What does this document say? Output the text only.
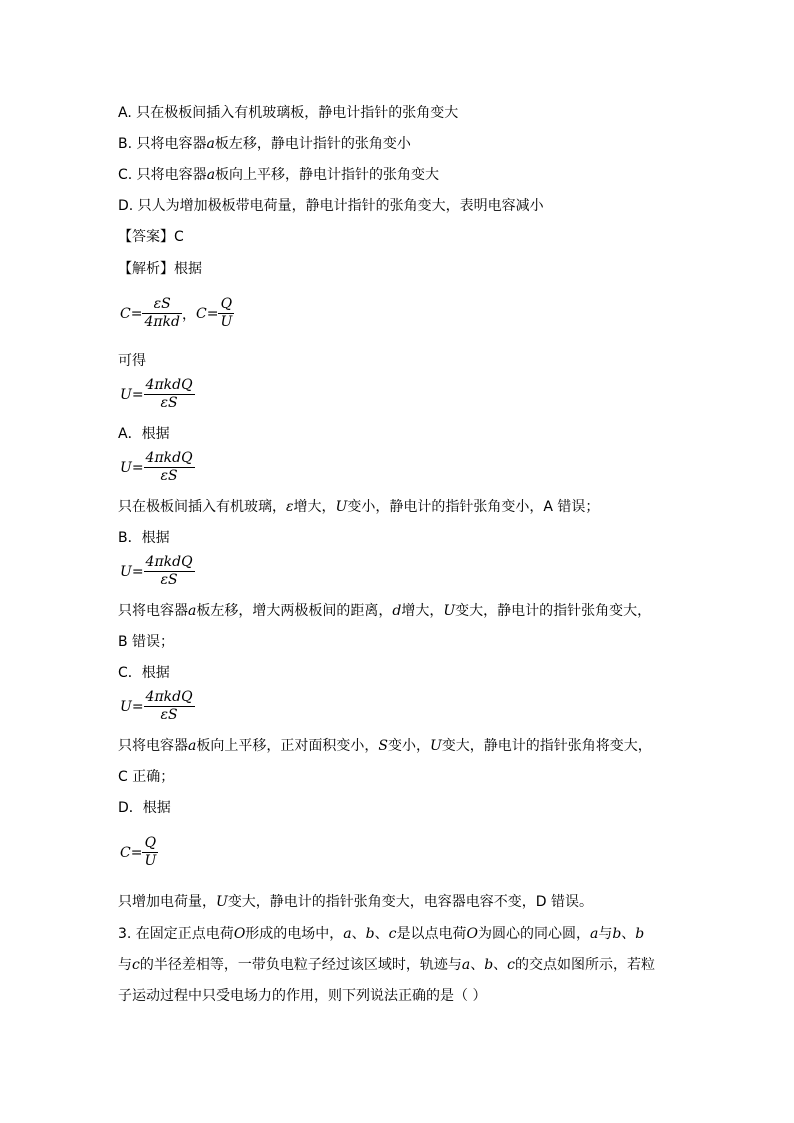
A. 只在极板间插入有机玻璃板，静电计指针的张角变大
B. 只将电容器a板左移，静电计指针的张角变小
C. 只将电容器a板向上平移，静电计指针的张角变大
D. 只人为增加极板带电荷量，静电计指针的张角变大，表明电容减小
【答案】C
【解析】根据
$C= \frac{\varepsilon S}{\text{4πkd}}$ ，$C= \frac{Q}{U}$
可得
$U= \frac{\text{4πkdQ}}{\varepsilon S}$
A．根据
$U= \frac{\text{4πkdQ}}{\varepsilon S}$
只在极板间插入有机玻璃，ε增大，U变小，静电计的指针张角变小，A 错误；
B．根据
$U= \frac{\text{4πkdQ}}{\varepsilon S}$
只将电容器a板左移，增大两极板间的距离，d增大，U变大，静电计的指针张角变大，
B 错误；
C．根据
$U= \frac{\text{4πkdQ}}{\varepsilon S}$
只将电容器a板向上平移，正对面积变小，S变小，U变大，静电计的指针张角将变大，
C 正确；
D．根据
$C= \frac{Q}{U}$
只增加电荷量，U变大，静电计的指针张角变大，电容器电容不变，D 错误。
3. 在固定正点电荷O形成的电场中，a、b、c是以点电荷O为圆心的同心圆，a与b、b
与c的半径差相等，一带负电粒子经过该区域时，轨迹与a、b、c的交点如图所示，若粒
子运动过程中只受电场力的作用，则下列说法正确的是（ ）
